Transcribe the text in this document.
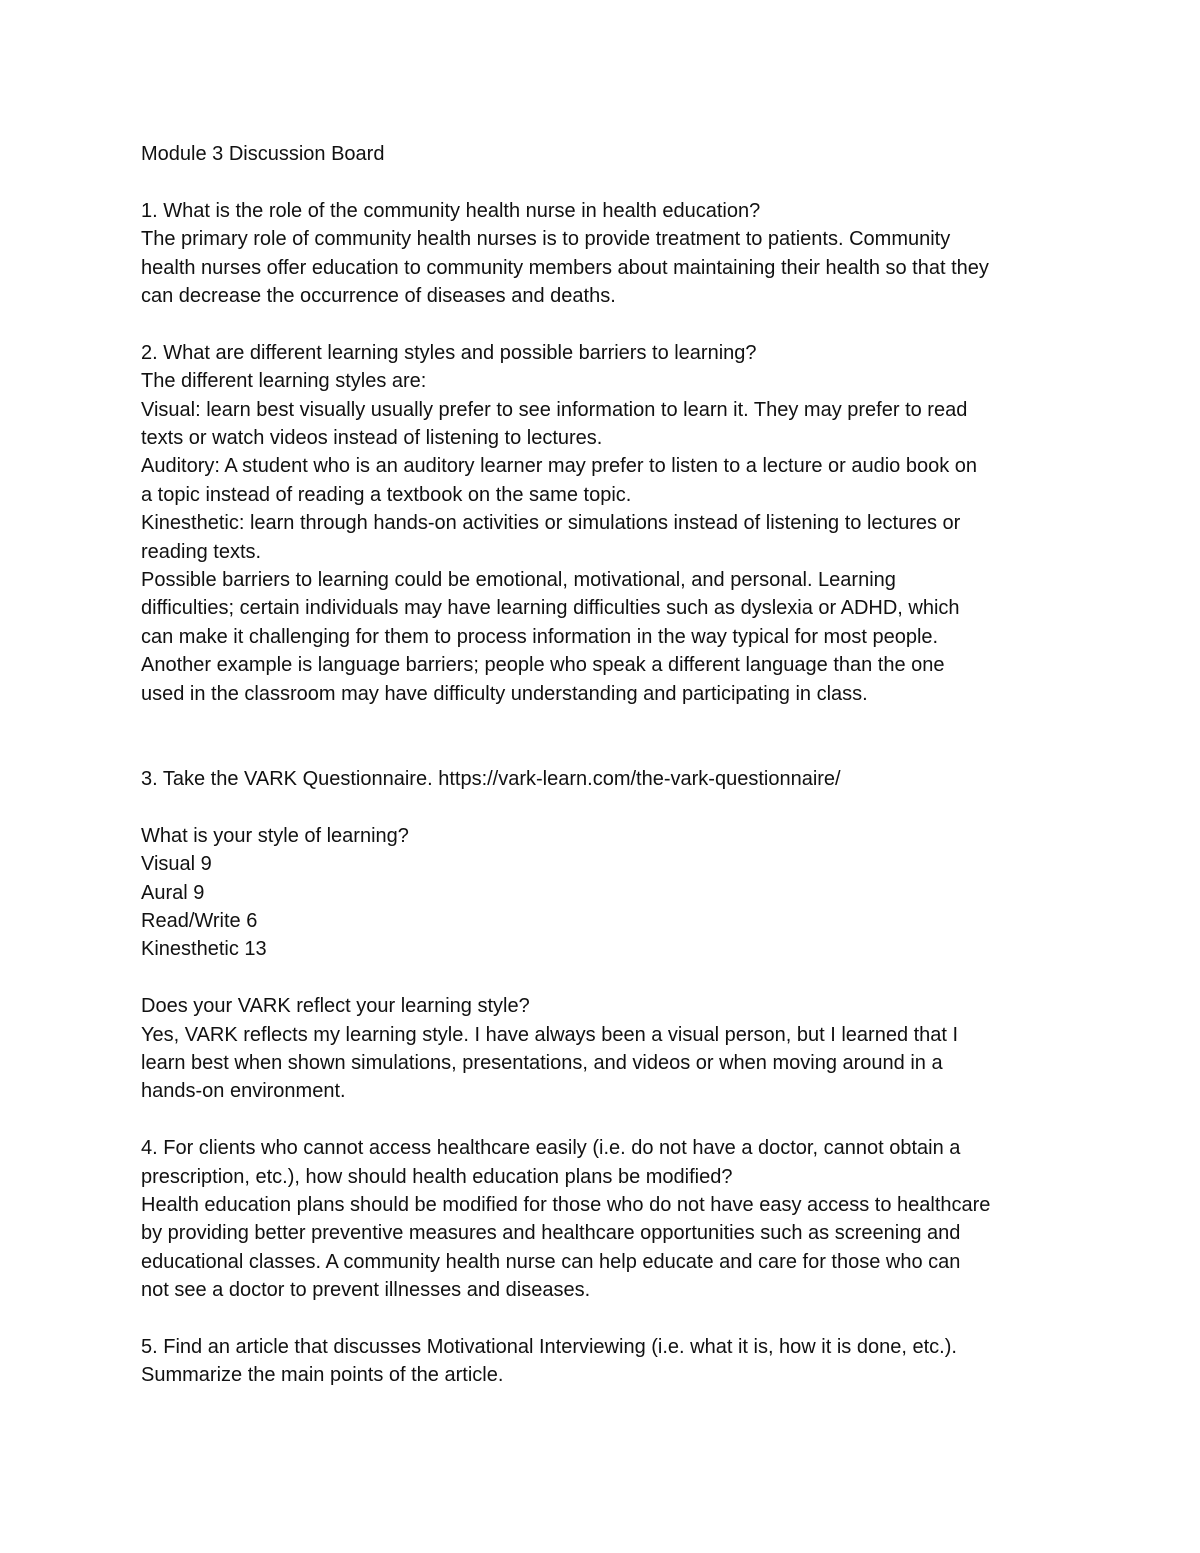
Module 3 Discussion Board
1. What is the role of the community health nurse in health education?
The primary role of community health nurses is to provide treatment to patients. Community
health nurses offer education to community members about maintaining their health so that they
can decrease the occurrence of diseases and deaths.
2. What are different learning styles and possible barriers to learning?
The different learning styles are:
Visual: learn best visually usually prefer to see information to learn it. They may prefer to read
texts or watch videos instead of listening to lectures.
Auditory: A student who is an auditory learner may prefer to listen to a lecture or audio book on
a topic instead of reading a textbook on the same topic.
Kinesthetic: learn through hands-on activities or simulations instead of listening to lectures or
reading texts.
Possible barriers to learning could be emotional, motivational, and personal. Learning
difficulties; certain individuals may have learning difficulties such as dyslexia or ADHD, which
can make it challenging for them to process information in the way typical for most people.
Another example is language barriers; people who speak a different language than the one
used in the classroom may have difficulty understanding and participating in class.
3. Take the VARK Questionnaire. https://vark-learn.com/the-vark-questionnaire/
What is your style of learning?
Visual 9
Aural 9
Read/Write 6
Kinesthetic 13
Does your VARK reflect your learning style?
Yes, VARK reflects my learning style. I have always been a visual person, but I learned that I
learn best when shown simulations, presentations, and videos or when moving around in a
hands-on environment.
4. For clients who cannot access healthcare easily (i.e. do not have a doctor, cannot obtain a
prescription, etc.), how should health education plans be modified?
Health education plans should be modified for those who do not have easy access to healthcare
by providing better preventive measures and healthcare opportunities such as screening and
educational classes. A community health nurse can help educate and care for those who can
not see a doctor to prevent illnesses and diseases.
5. Find an article that discusses Motivational Interviewing (i.e. what it is, how it is done, etc.).
Summarize the main points of the article.
